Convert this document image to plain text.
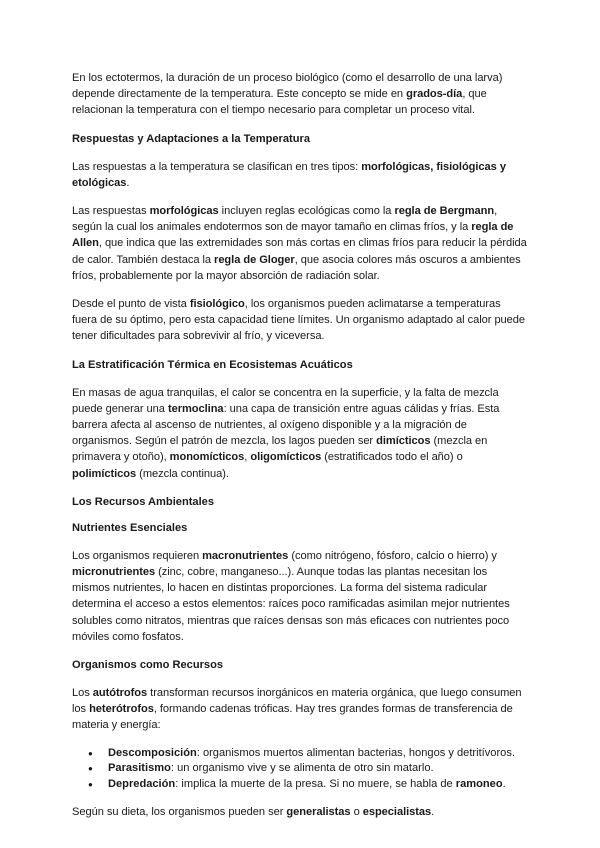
En los ectotermos, la duración de un proceso biológico (como el desarrollo de una larva) depende directamente de la temperatura. Este concepto se mide en grados-día, que relacionan la temperatura con el tiempo necesario para completar un proceso vital.

Respuestas y Adaptaciones a la Temperatura

Las respuestas a la temperatura se clasifican en tres tipos: morfológicas, fisiológicas y etológicas.

Las respuestas morfológicas incluyen reglas ecológicas como la regla de Bergmann, según la cual los animales endotermos son de mayor tamaño en climas fríos, y la regla de Allen, que indica que las extremidades son más cortas en climas fríos para reducir la pérdida de calor. También destaca la regla de Gloger, que asocia colores más oscuros a ambientes fríos, probablemente por la mayor absorción de radiación solar.

Desde el punto de vista fisiológico, los organismos pueden aclimatarse a temperaturas fuera de su óptimo, pero esta capacidad tiene límites. Un organismo adaptado al calor puede tener dificultades para sobrevivir al frío, y viceversa.

La Estratificación Térmica en Ecosistemas Acuáticos

En masas de agua tranquilas, el calor se concentra en la superficie, y la falta de mezcla puede generar una termoclina: una capa de transición entre aguas cálidas y frías. Esta barrera afecta al ascenso de nutrientes, al oxígeno disponible y a la migración de organismos. Según el patrón de mezcla, los lagos pueden ser dimícticos (mezcla en primavera y otoño), monomícticos, oligomícticos (estratificados todo el año) o polimícticos (mezcla continua).

Los Recursos Ambientales
Nutrientes Esenciales

Los organismos requieren macronutrientes (como nitrógeno, fósforo, calcio o hierro) y micronutrientes (zinc, cobre, manganeso...). Aunque todas las plantas necesitan los mismos nutrientes, lo hacen en distintas proporciones. La forma del sistema radicular determina el acceso a estos elementos: raíces poco ramificadas asimilan mejor nutrientes solubles como nitratos, mientras que raíces densas son más eficaces con nutrientes poco móviles como fosfatos.

Organismos como Recursos

Los autótrofos transforman recursos inorgánicos en materia orgánica, que luego consumen los heterótrofos, formando cadenas tróficas. Hay tres grandes formas de transferencia de materia y energía:

● Descomposición: organismos muertos alimentan bacterias, hongos y detritívoros.
● Parasitismo: un organismo vive y se alimenta de otro sin matarlo.
● Depredación: implica la muerte de la presa. Si no muere, se habla de ramoneo.

Según su dieta, los organismos pueden ser generalistas o especialistas.
